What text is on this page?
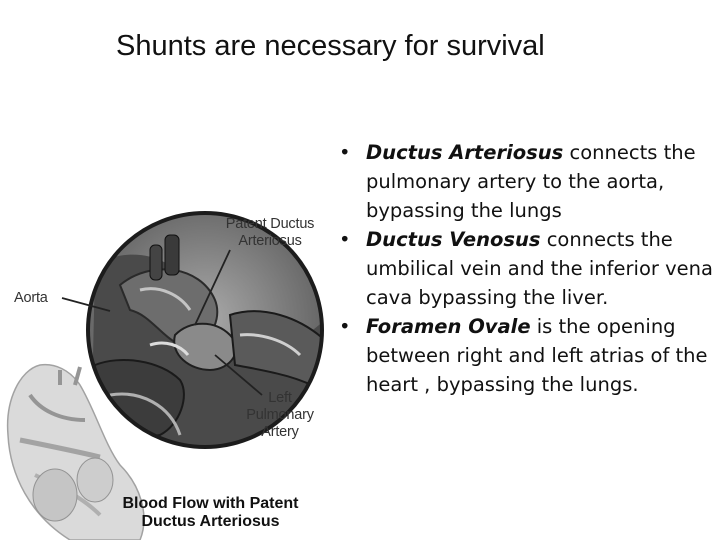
Shunts are necessary for survival
Patent Ductus
Arteriosus
Aorta
Left
Pulmonary
Artery
Blood Flow with Patent
Ductus Arteriosus
• Ductus Arteriosus connects the pulmonary artery to the aorta, bypassing the lungs
• Ductus Venosus connects the umbilical vein and the inferior vena cava bypassing the liver.
• Foramen Ovale is the opening between right and left atrias of the heart , bypassing the lungs.
